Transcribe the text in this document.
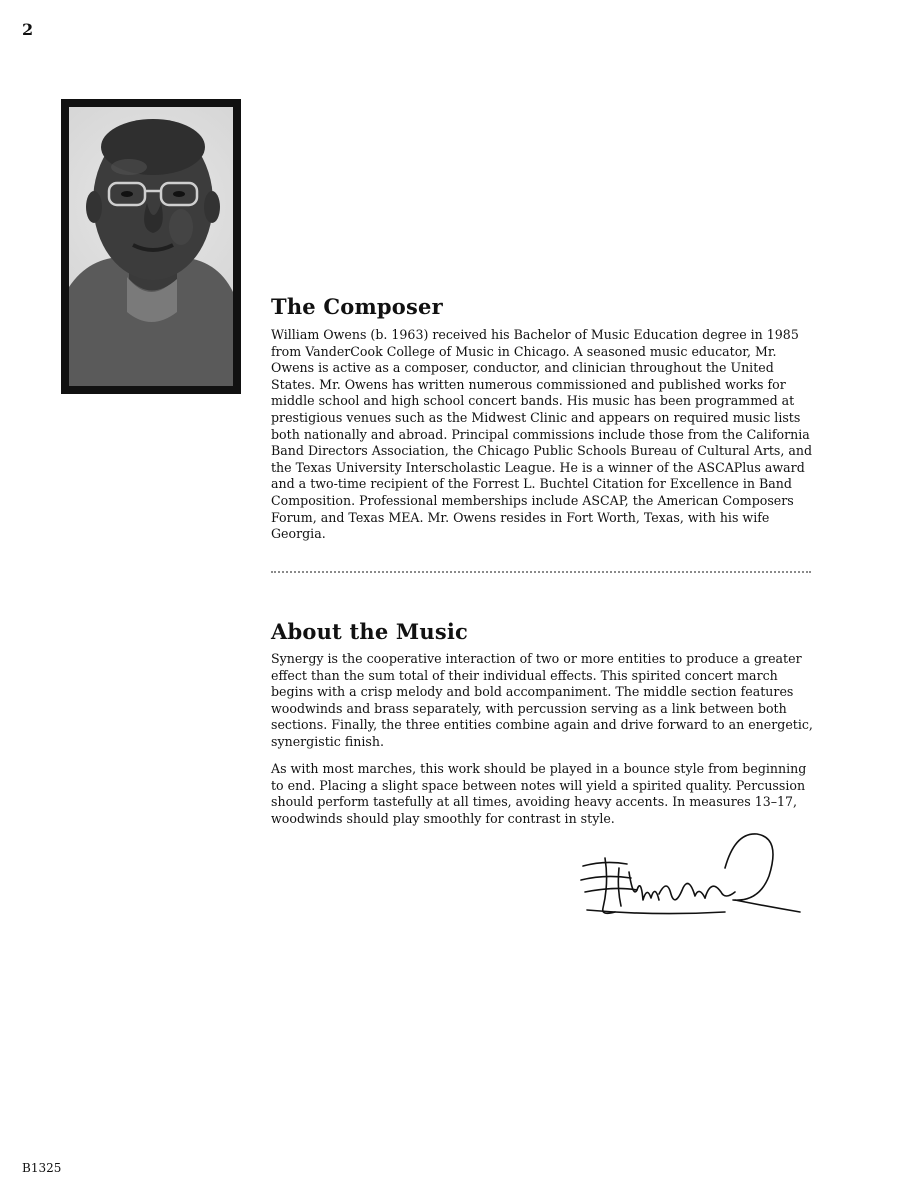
2
The Composer

William Owens (b. 1963) received his Bachelor of Music Education degree in 1985 from VanderCook College of Music in Chicago. A seasoned music educator, Mr. Owens is active as a composer, conductor, and clinician throughout the United States. Mr. Owens has written numerous commissioned and published works for middle school and high school concert bands. His music has been programmed at prestigious venues such as the Midwest Clinic and appears on required music lists both nationally and abroad. Principal commissions include those from the California Band Directors Association, the Chicago Public Schools Bureau of Cultural Arts, and the Texas University Interscholastic League. He is a winner of the ASCAPlus award and a two-time recipient of the Forrest L. Buchtel Citation for Excellence in Band Composition. Professional memberships include ASCAP, the American Composers Forum, and Texas MEA. Mr. Owens resides in Fort Worth, Texas, with his wife Georgia.

About the Music

Synergy is the cooperative interaction of two or more entities to produce a greater effect than the sum total of their individual effects. This spirited concert march begins with a crisp melody and bold accompaniment. The middle section features woodwinds and brass separately, with percussion serving as a link between both sections. Finally, the three entities combine again and drive forward to an energetic, synergistic finish.

As with most marches, this work should be played in a bounce style from beginning to end. Placing a slight space between notes will yield a spirited quality. Percussion should perform tastefully at all times, avoiding heavy accents. In measures 13–17, woodwinds should play smoothly for contrast in style.

B1325
